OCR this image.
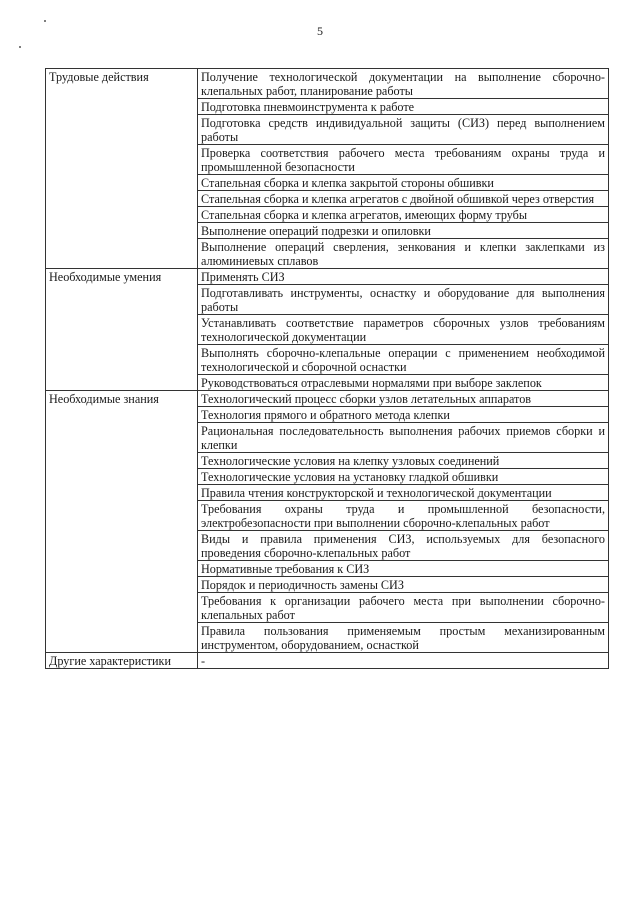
5
Трудовые действия	Получение технологической документации на выполнение сборочно-клепальных работ, планирование работы
	Подготовка пневмоинструмента к работе
	Подготовка средств индивидуальной защиты (СИЗ) перед выполнением работы
	Проверка соответствия рабочего места требованиям охраны труда и промышленной безопасности
	Стапельная сборка и клепка закрытой стороны обшивки
	Стапельная сборка и клепка агрегатов с двойной обшивкой через отверстия
	Стапельная сборка и клепка агрегатов, имеющих форму трубы
	Выполнение операций подрезки и опиловки
	Выполнение операций сверления, зенкования и клепки заклепками из алюминиевых сплавов
Необходимые умения	Применять СИЗ
	Подготавливать инструменты, оснастку и оборудование для выполнения работы
	Устанавливать соответствие параметров сборочных узлов требованиям технологической документации
	Выполнять сборочно-клепальные операции с применением необходимой технологической и сборочной оснастки
	Руководствоваться отраслевыми нормалями при выборе заклепок
Необходимые знания	Технологический процесс сборки узлов летательных аппаратов
	Технология прямого и обратного метода клепки
	Рациональная последовательность выполнения рабочих приемов сборки и клепки
	Технологические условия на клепку узловых соединений
	Технологические условия на установку гладкой обшивки
	Правила чтения конструкторской и технологической документации
	Требования охраны труда и промышленной безопасности, электробезопасности при выполнении сборочно-клепальных работ
	Виды и правила применения СИЗ, используемых для безопасного проведения сборочно-клепальных работ
	Нормативные требования к СИЗ
	Порядок и периодичность замены СИЗ
	Требования к организации рабочего места при выполнении сборочно-клепальных работ
	Правила пользования применяемым простым механизированным инструментом, оборудованием, оснасткой
Другие характеристики	-
